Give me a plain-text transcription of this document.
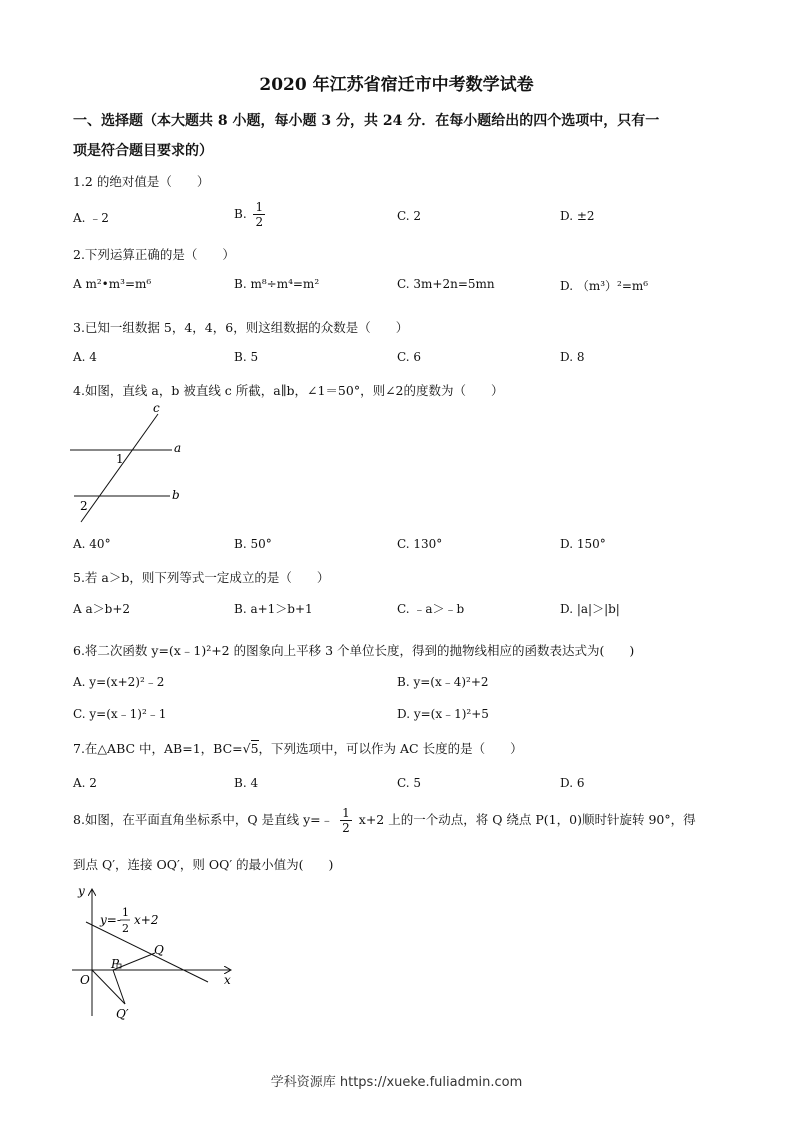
2020 年江苏省宿迁市中考数学试卷
一、选择题（本大题共 8 小题，每小题 3 分，共 24 分．在每小题给出的四个选项中，只有一
项是符合题目要求的）
1.2 的绝对值是（　　）
A. ﹣2	B. $\frac{1}{2}$	C. 2	D. ±2
2.下列运算正确的是（　　）
A m²•m³=m⁶	B. m⁸÷m⁴=m²	C. 3m+2n=5mn	D. （m³）²=m⁶
3.已知一组数据 5，4，4，6，则这组数据的众数是（　　）
A. 4	B. 5	C. 6	D. 8
4.如图，直线 a，b 被直线 c 所截，a∥b，∠1＝50°，则∠2的度数为（　　）
c
a
b
1
2
A. 40°	B. 50°	C. 130°	D. 150°
5.若 a＞b，则下列等式一定成立的是（　　）
A a＞b+2	B. a+1＞b+1	C. ﹣a＞﹣b	D. |a|＞|b|
6.将二次函数 y=(x﹣1)²+2 的图象向上平移 3 个单位长度，得到的抛物线相应的函数表达式为(　　)
A. y=(x+2)²﹣2	B. y=(x﹣4)²+2
C. y=(x﹣1)²﹣1	D. y=(x﹣1)²+5
7.在△ABC 中，AB=1，BC=√5，下列选项中，可以作为 AC 长度的是（　　）
A. 2	B. 4	C. 5	D. 6
8.如图，在平面直角坐标系中，Q 是直线 y=﹣ $\frac{1}{2} x+2$ 上的一个动点，将 Q 绕点 P(1，0)顺时针旋转 90°，得
到点 Q′，连接 OQ′，则 OQ′ 的最小值为(　　)
y
x
O
P
Q
Q′
y=-
1
2
x+2
学科资源库 https://xueke.fuliadmin.com
